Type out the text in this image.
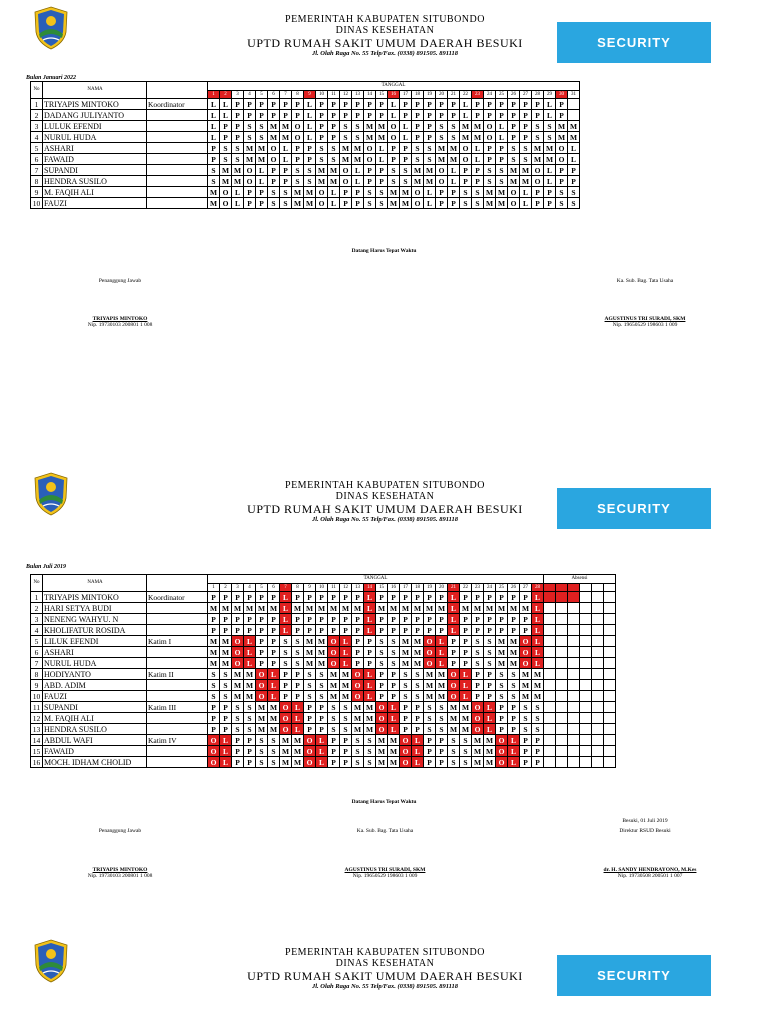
PEMERINTAH KABUPATEN SITUBONDO
DINAS KESEHATAN
UPTD RUMAH SAKIT UMUM DAERAH BESUKI
Jl. Olah Raga No. 55 Telp/Fax. (0338) 891505. 891118
SECURITY
Bulan Januari 2022
No	NAMA		TANGGAL																														
			1	2	3	4	5	6	7	8	9	10	11	12	13	14	15	16	17	18	19	20	21	22	23	24	25	26	27	28	29	30	31
1	TRIYAPIS MINTOKO	Koordinator	L	L	P	P	P	P	P	P	L	P	P	P	P	P	P	L	P	P	P	P	P	L	P	P	P	P	P	P	L	P	
2	DADANG JULIYANTO		L	L	P	P	P	P	P	P	L	P	P	P	P	P	P	L	P	P	P	P	P	L	P	P	P	P	P	P	L	P	
3	LULUK EFENDI		L	P	P	S	S	M	M	O	L	P	P	S	S	M	M	O	L	P	P	S	S	M	M	O	L	P	P	S	S	M	M
4	NURUL HUDA		L	P	P	S	S	M	M	O	L	P	P	S	S	M	M	O	L	P	P	S	S	M	M	O	L	P	P	S	S	M	M
5	ASHARI		P	S	S	M	M	O	L	P	P	S	S	M	M	O	L	P	P	S	S	M	M	O	L	P	P	S	S	M	M	O	L
6	FAWAID		P	S	S	M	M	O	L	P	P	S	S	M	M	O	L	P	P	S	S	M	M	O	L	P	P	S	S	M	M	O	L
7	SUPANDI		S	M	M	O	L	P	P	S	S	M	M	O	L	P	P	S	S	M	M	O	L	P	P	S	S	M	M	O	L	P	P
8	HENDRA SUSILO		S	M	M	O	L	P	P	S	S	M	M	O	L	P	P	S	S	M	M	O	L	P	P	S	S	M	M	O	L	P	P
9	M. FAQIH ALI		M	O	L	P	P	S	S	M	M	O	L	P	P	S	S	M	M	O	L	P	P	S	S	M	M	O	L	P	P	S	S
10	FAUZI		M	O	L	P	P	S	S	M	M	O	L	P	P	S	S	M	M	O	L	P	P	S	S	M	M	O	L	P	P	S	S
Datang Harus Tepat Waktu
Penanggung Jawab	Ka. Sub. Bag. Tata Usaha
TRIYAPIS MINTOKO
Nip. 19730103 200801 1 008
AGUSTINUS TRI SURADI, SKM
Nip. 19650529 198603 1 009
PEMERINTAH KABUPATEN SITUBONDO
DINAS KESEHATAN
UPTD RUMAH SAKIT UMUM DAERAH BESUKI
Jl. Olah Raga No. 55 Telp/Fax. (0338) 891505. 891118
SECURITY
Bulan Juli 2019
No	NAMA		TANGGAL																												Absensi					
			1	2	3	4	5	6	7	8	9	10	11	12	13	14	15	16	17	18	19	20	21	22	23	24	25	26	27	28						
1	TRIYAPIS MINTOKO	Koordinator	P	P	P	P	P	P	L	P	P	P	P	P	P	L	P	P	P	P	P	P	L	P	P	P	P	P	P	L						
2	HARI SETYA BUDI		M	M	M	M	M	M	L	M	M	M	M	M	M	L	M	M	M	M	M	M	L	M	M	M	M	M	M	L						
3	NENENG WAHYU. N		P	P	P	P	P	P	L	P	P	P	P	P	P	L	P	P	P	P	P	P	L	P	P	P	P	P	P	L						
4	KHOLIFATUR ROSIDA		P	P	P	P	P	P	L	P	P	P	P	P	P	L	P	P	P	P	P	P	L	P	P	P	P	P	P	L						
5	LILUK EFENDI	Katim I	M	M	O	L	P	P	S	S	M	M	O	L	P	P	S	S	M	M	O	L	P	P	S	S	M	M	O	L						
6	ASHARI		M	M	O	L	P	P	S	S	M	M	O	L	P	P	S	S	M	M	O	L	P	P	S	S	M	M	O	L						
7	NURUL HUDA		M	M	O	L	P	P	S	S	M	M	O	L	P	P	S	S	M	M	O	L	P	P	S	S	M	M	O	L						
8	HODIYANTO	Katim II	S	S	M	M	O	L	P	P	S	S	M	M	O	L	P	P	S	S	M	M	O	L	P	P	S	S	M	M						
9	ABD. ADIM		S	S	M	M	O	L	P	P	S	S	M	M	O	L	P	P	S	S	M	M	O	L	P	P	S	S	M	M						
10	FAUZI		S	S	M	M	O	L	P	P	S	S	M	M	O	L	P	P	S	S	M	M	O	L	P	P	S	S	M	M						
11	SUPANDI	Katim III	P	P	S	S	M	M	O	L	P	P	S	S	M	M	O	L	P	P	S	S	M	M	O	L	P	P	S	S						
12	M. FAQIH ALI		P	P	S	S	M	M	O	L	P	P	S	S	M	M	O	L	P	P	S	S	M	M	O	L	P	P	S	S						
13	HENDRA SUSILO		P	P	S	S	M	M	O	L	P	P	S	S	M	M	O	L	P	P	S	S	M	M	O	L	P	P	S	S						
14	ABDUL WAFI	Katim IV	O	L	P	P	S	S	M	M	O	L	P	P	S	S	M	M	O	L	P	P	S	S	M	M	O	L	P	P						
15	FAWAID		O	L	P	P	S	S	M	M	O	L	P	P	S	S	M	M	O	L	P	P	S	S	M	M	O	L	P	P						
16	MOCH. IDHAM CHOLID		O	L	P	P	S	S	M	M	O	L	P	P	S	S	M	M	O	L	P	P	S	S	M	M	O	L	P	P						
Datang Harus Tepat Waktu
Besuki, 01 Juli 2019
Penanggung Jawab	Ka. Sub. Bag. Tata Usaha	Direktur RSUD Besuki
TRIYAPIS MINTOKO
Nip. 19730103 200801 1 008
AGUSTINUS TRI SURADI, SKM
Nip. 19650529 198603 1 009
dr. H. SANDY HENDRAYONO, M.Kes
Nip. 19730508 200501 1 007
PEMERINTAH KABUPATEN SITUBONDO
DINAS KESEHATAN
UPTD RUMAH SAKIT UMUM DAERAH BESUKI
Jl. Olah Raga No. 55 Telp/Fax. (0338) 891505. 891118
SECURITY
